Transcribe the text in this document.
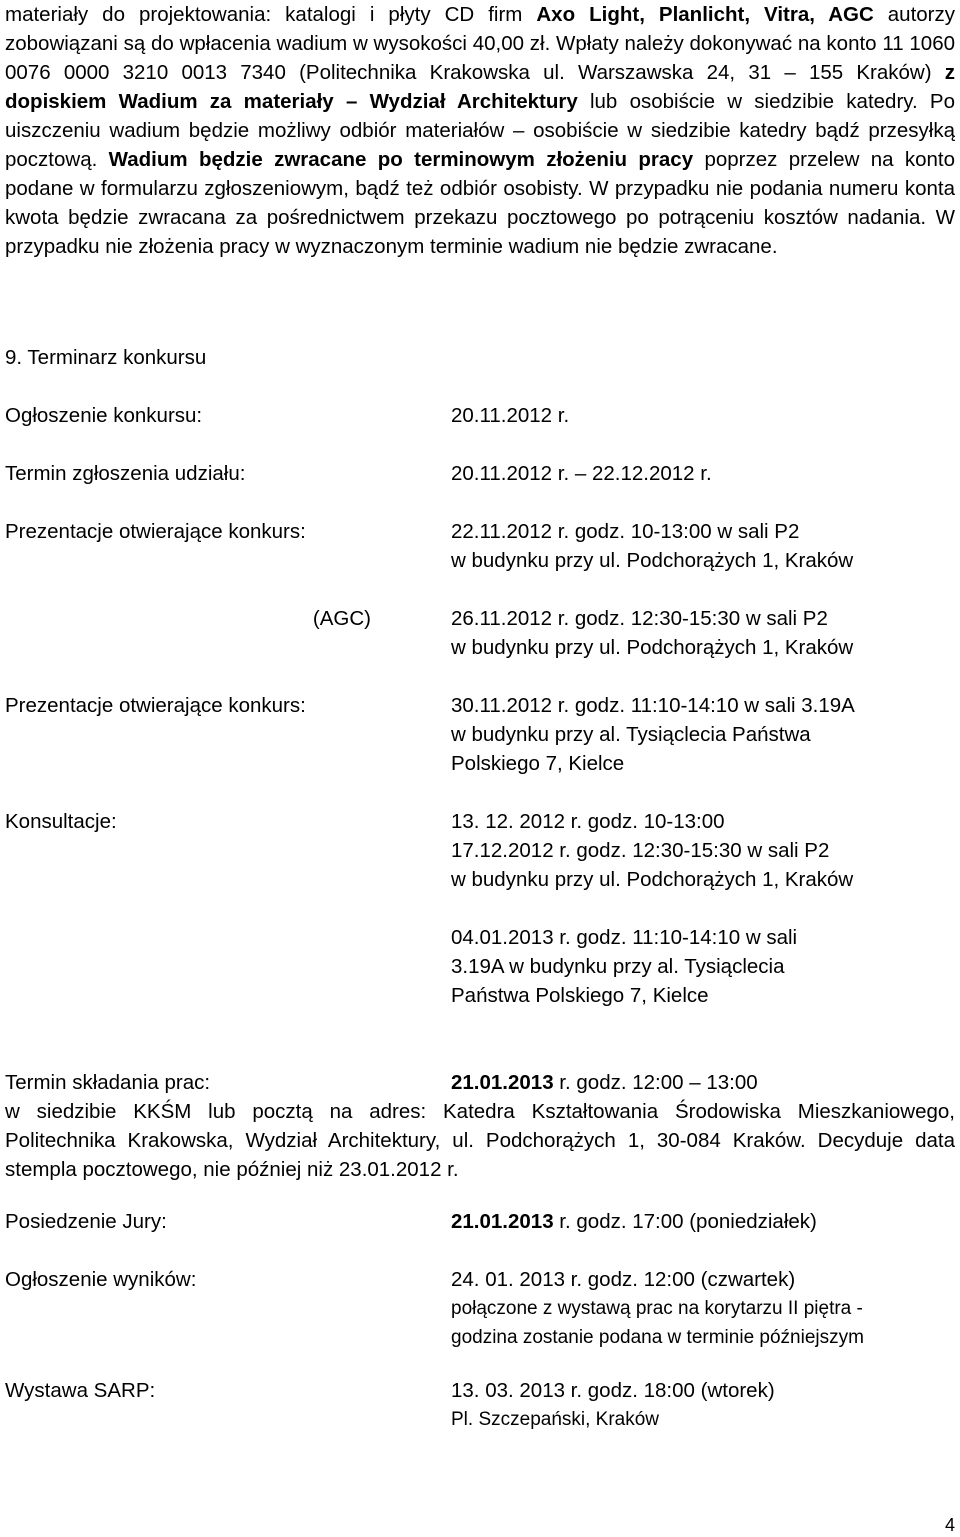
materiały do projektowania: katalogi i płyty CD firm Axo Light, Planlicht, Vitra, AGC autorzy zobowiązani są do wpłacenia wadium w wysokości 40,00 zł. Wpłaty należy dokonywać na konto 11 1060 0076 0000 3210 0013 7340 (Politechnika Krakowska ul. Warszawska 24, 31 – 155 Kraków) z dopiskiem Wadium za materiały – Wydział Architektury lub osobiście w siedzibie katedry. Po uiszczeniu wadium będzie możliwy odbiór materiałów – osobiście w siedzibie katedry bądź przesyłką pocztową. Wadium będzie zwracane po terminowym złożeniu pracy poprzez przelew na konto podane w formularzu zgłoszeniowym, bądź też odbiór osobisty. W przypadku nie podania numeru konta kwota będzie zwracana za pośrednictwem przekazu pocztowego po potrąceniu kosztów nadania. W przypadku nie złożenia pracy w wyznaczonym terminie wadium nie będzie zwracane.

9. Terminarz konkursu

Ogłoszenie konkursu:	20.11.2012 r.
Termin zgłoszenia udziału:	20.11.2012 r. – 22.12.2012 r.
Prezentacje otwierające konkurs:	22.11.2012 r. godz. 10-13:00 w sali P2
w budynku przy ul. Podchorążych 1, Kraków
(AGC)	26.11.2012 r. godz. 12:30-15:30 w sali P2
w budynku przy ul. Podchorążych 1, Kraków
Prezentacje otwierające konkurs:	30.11.2012 r. godz. 11:10-14:10 w sali 3.19A
w budynku przy al. Tysiąclecia Państwa
Polskiego 7, Kielce
Konsultacje:	13. 12. 2012 r. godz. 10-13:00
17.12.2012 r. godz. 12:30-15:30 w sali P2
w budynku przy ul. Podchorążych 1, Kraków
04.01.2013 r. godz. 11:10-14:10 w sali
3.19A w budynku przy al. Tysiąclecia
Państwa Polskiego 7, Kielce
Termin składania prac:	21.01.2013 r. godz. 12:00 – 13:00
w siedzibie KKŚM lub pocztą na adres: Katedra Kształtowania Środowiska Mieszkaniowego, Politechnika Krakowska, Wydział Architektury, ul. Podchorążych 1, 30-084 Kraków. Decyduje data stempla pocztowego, nie później niż 23.01.2012 r.
Posiedzenie Jury:	21.01.2013 r. godz. 17:00 (poniedziałek)
Ogłoszenie wyników:	24. 01. 2013 r. godz. 12:00 (czwartek)
połączone z wystawą prac na korytarzu II piętra -
godzina zostanie podana w terminie późniejszym
Wystawa SARP:	13. 03. 2013 r. godz. 18:00 (wtorek)
Pl. Szczepański, Kraków
4
